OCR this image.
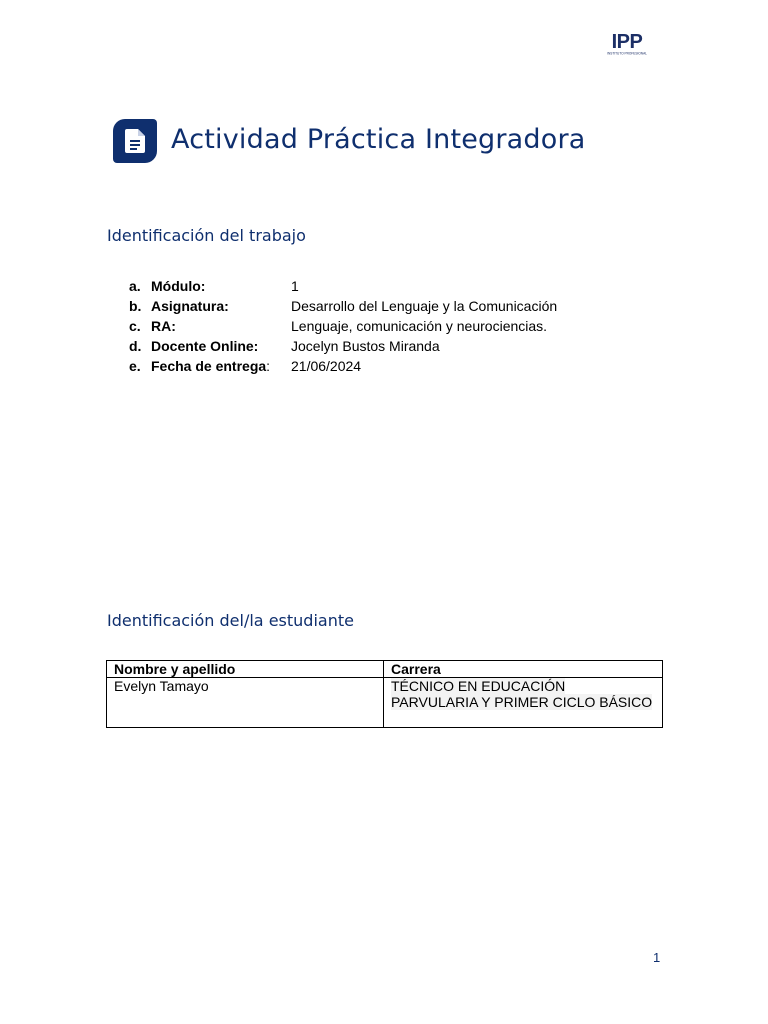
IPP
INSTITUTO PROFESIONAL
Actividad Práctica Integradora
Identificación del trabajo
a. Módulo:	1
b. Asignatura:	Desarrollo del Lenguaje y la Comunicación
c. RA:	Lenguaje, comunicación y neurociencias.
d. Docente Online: Jocelyn Bustos Miranda
e. Fecha de entrega: 21/06/2024
Identificación del/la estudiante
Nombre y apellido	Carrera
Evelyn Tamayo	TÉCNICO EN EDUCACIÓN PARVULARIA Y PRIMER CICLO BÁSICO
1
